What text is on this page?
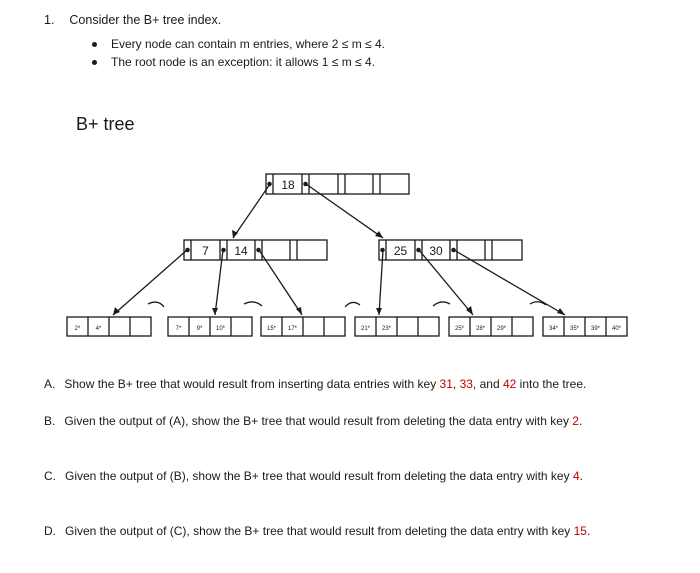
1. Consider the B+ tree index.
Every node can contain m entries, where 2 ≤ m ≤ 4.
The root node is an exception: it allows 1 ≤ m ≤ 4.
B+ tree
18
7 14	25 30
2*	4*	7*	9* 10*	15* 17*	21* 23*	25* 28* 29*	34* 35* 39* 40*
A. Show the B+ tree that would result from inserting data entries with key 31, 33, and 42 into the tree.
B. Given the output of (A), show the B+ tree that would result from deleting the data entry with key 2.
C. Given the output of (B), show the B+ tree that would result from deleting the data entry with key 4.
D. Given the output of (C), show the B+ tree that would result from deleting the data entry with key 15.
